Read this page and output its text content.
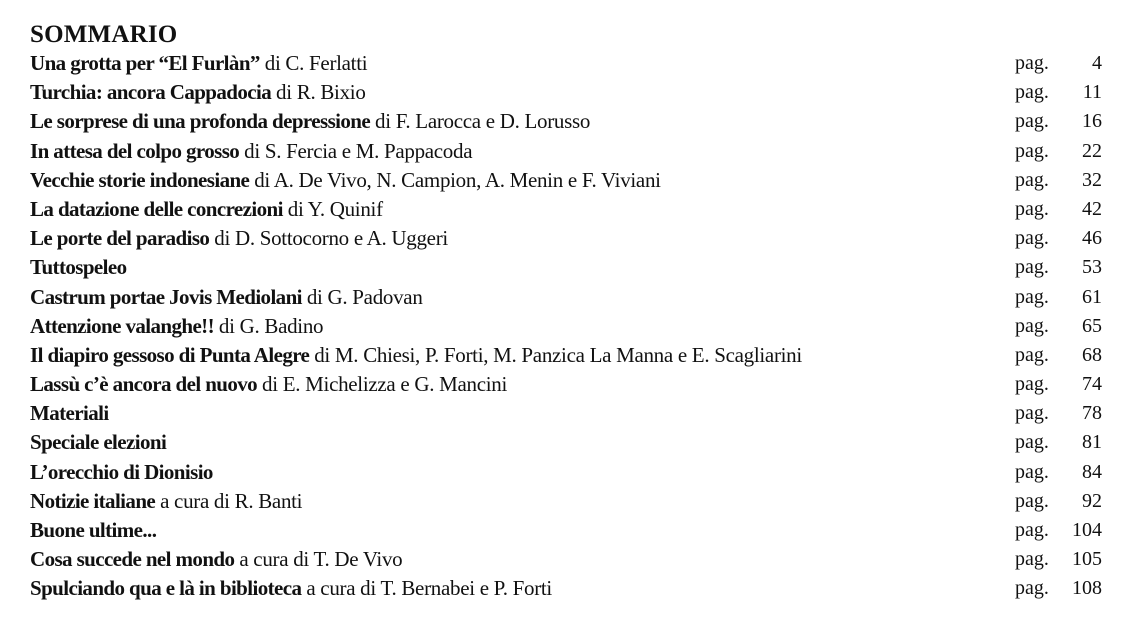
SOMMARIO
Una grotta per “El Furlàn” di C. Ferlatti	pag.	4
Turchia: ancora Cappadocia di R. Bixio	pag.	11
Le sorprese di una profonda depressione di F. Larocca e D. Lorusso	pag.	16
In attesa del colpo grosso di S. Fercia e M. Pappacoda	pag.	22
Vecchie storie indonesiane di A. De Vivo, N. Campion, A. Menin e F. Viviani	pag.	32
La datazione delle concrezioni di Y. Quinif	pag.	42
Le porte del paradiso di D. Sottocorno e A. Uggeri	pag.	46
Tuttospeleo	pag.	53
Castrum portae Jovis Mediolani di G. Padovan	pag.	61
Attenzione valanghe!! di G. Badino	pag.	65
Il diapiro gessoso di Punta Alegre di M. Chiesi, P. Forti, M. Panzica La Manna e E. Scagliarini	pag.	68
Lassù c’è ancora del nuovo di E. Michelizza e G. Mancini	pag.	74
Materiali	pag.	78
Speciale elezioni	pag.	81
L’orecchio di Dionisio	pag.	84
Notizie italiane a cura di R. Banti	pag.	92
Buone ultime...	pag.	104
Cosa succede nel mondo a cura di T. De Vivo	pag.	105
Spulciando qua e là in biblioteca a cura di T. Bernabei e P. Forti	pag.	108
